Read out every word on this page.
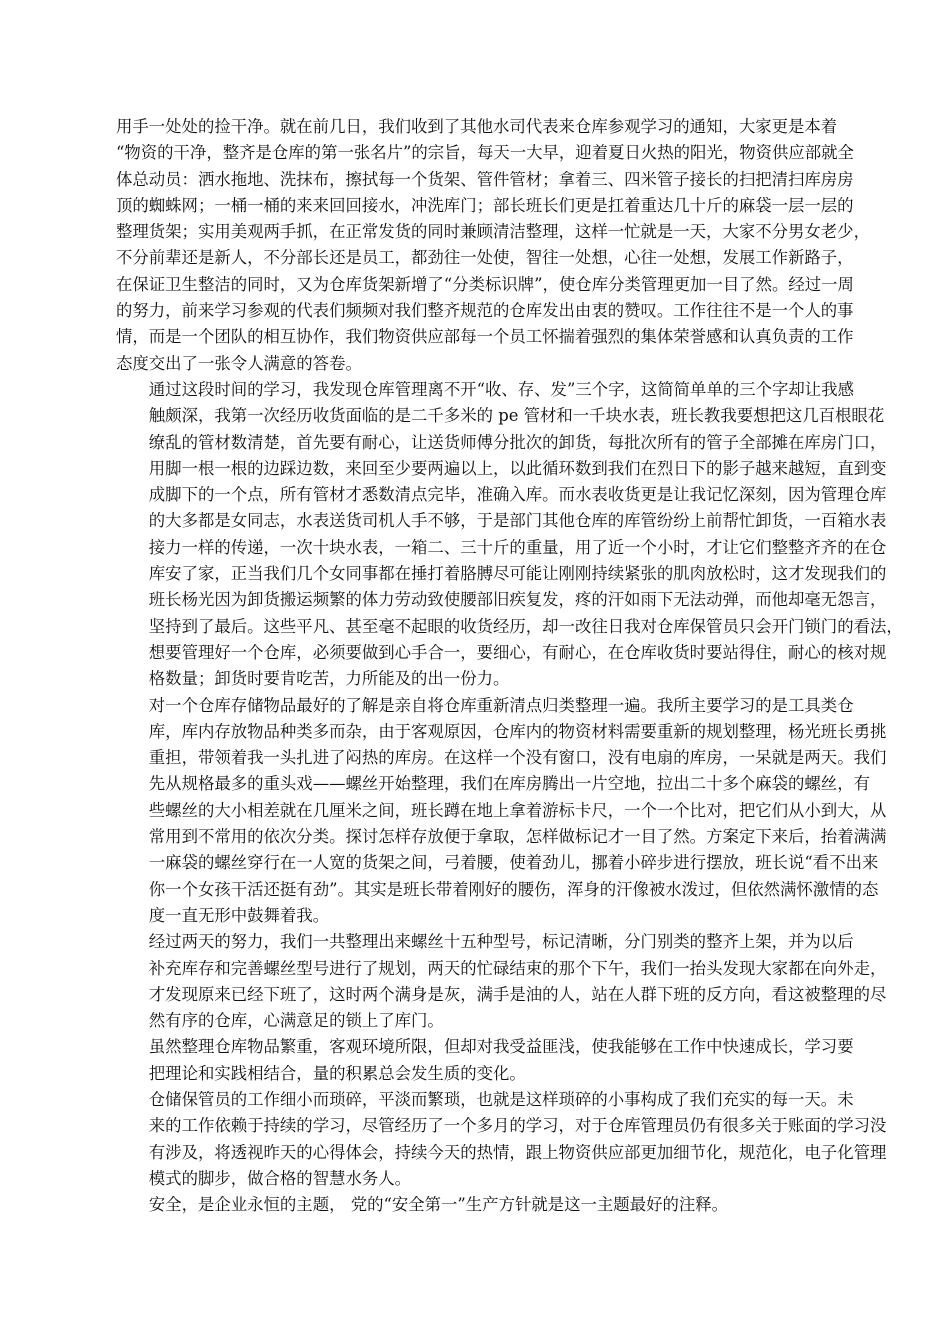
用手一处处的捡干净。就在前几日，我们收到了其他水司代表来仓库参观学习的通知，大家更是本着
“物资的干净，整齐是仓库的第一张名片”的宗旨，每天一大早，迎着夏日火热的阳光，物资供应部就全
体总动员：洒水拖地、洗抹布，擦拭每一个货架、管件管材；拿着三、四米管子接长的扫把清扫库房房
顶的蜘蛛网；一桶一桶的来来回回接水，冲洗库门；部长班长们更是扛着重达几十斤的麻袋一层一层的
整理货架；实用美观两手抓，在正常发货的同时兼顾清洁整理，这样一忙就是一天，大家不分男女老少，
不分前辈还是新人，不分部长还是员工，都劲往一处使，智往一处想，心往一处想，发展工作新路子，
在保证卫生整洁的同时，又为仓库货架新增了“分类标识牌”，使仓库分类管理更加一目了然。经过一周
的努力，前来学习参观的代表们频频对我们整齐规范的仓库发出由衷的赞叹。工作往往不是一个人的事
情，而是一个团队的相互协作，我们物资供应部每一个员工怀揣着强烈的集体荣誉感和认真负责的工作
态度交出了一张令人满意的答卷。

通过这段时间的学习，我发现仓库管理离不开“收、存、发”三个字，这简简单单的三个字却让我感
触颇深，我第一次经历收货面临的是二千多米的 pe 管材和一千块水表，班长教我要想把这几百根眼花
缭乱的管材数清楚，首先要有耐心，让送货师傅分批次的卸货，每批次所有的管子全部摊在库房门口，
用脚一根一根的边踩边数，来回至少要两遍以上，以此循环数到我们在烈日下的影子越来越短，直到变
成脚下的一个点，所有管材才悉数清点完毕，准确入库。而水表收货更是让我记忆深刻，因为管理仓库
的大多都是女同志，水表送货司机人手不够，于是部门其他仓库的库管纷纷上前帮忙卸货，一百箱水表
接力一样的传递，一次十块水表，一箱二、三十斤的重量，用了近一个小时，才让它们整整齐齐的在仓
库安了家，正当我们几个女同事都在捶打着胳膊尽可能让刚刚持续紧张的肌肉放松时，这才发现我们的
班长杨光因为卸货搬运频繁的体力劳动致使腰部旧疾复发，疼的汗如雨下无法动弹，而他却毫无怨言，
坚持到了最后。这些平凡、甚至毫不起眼的收货经历，却一改往日我对仓库保管员只会开门锁门的看法，
想要管理好一个仓库，必须要做到心手合一，要细心，有耐心，在仓库收货时要站得住，耐心的核对规
格数量；卸货时要肯吃苦，力所能及的出一份力。

对一个仓库存储物品最好的了解是亲自将仓库重新清点归类整理一遍。我所主要学习的是工具类仓
库，库内存放物品种类多而杂，由于客观原因，仓库内的物资材料需要重新的规划整理，杨光班长勇挑
重担，带领着我一头扎进了闷热的库房。在这样一个没有窗口，没有电扇的库房，一呆就是两天。我们
先从规格最多的重头戏——螺丝开始整理，我们在库房腾出一片空地，拉出二十多个麻袋的螺丝，有
些螺丝的大小相差就在几厘米之间，班长蹲在地上拿着游标卡尺，一个一个比对，把它们从小到大，从
常用到不常用的依次分类。探讨怎样存放便于拿取，怎样做标记才一目了然。方案定下来后，抬着满满
一麻袋的螺丝穿行在一人宽的货架之间，弓着腰，使着劲儿，挪着小碎步进行摆放，班长说“看不出来
你一个女孩干活还挺有劲”。其实是班长带着刚好的腰伤，浑身的汗像被水泼过，但依然满怀激情的态
度一直无形中鼓舞着我。

经过两天的努力，我们一共整理出来螺丝十五种型号，标记清晰，分门别类的整齐上架，并为以后
补充库存和完善螺丝型号进行了规划，两天的忙碌结束的那个下午，我们一抬头发现大家都在向外走，
才发现原来已经下班了，这时两个满身是灰，满手是油的人，站在人群下班的反方向，看这被整理的尽
然有序的仓库，心满意足的锁上了库门。

虽然整理仓库物品繁重，客观环境所限，但却对我受益匪浅，使我能够在工作中快速成长，学习要
把理论和实践相结合，量的积累总会发生质的变化。

仓储保管员的工作细小而琐碎，平淡而繁琐，也就是这样琐碎的小事构成了我们充实的每一天。未
来的工作依赖于持续的学习，尽管经历了一个多月的学习，对于仓库管理员仍有很多关于账面的学习没
有涉及，将透视昨天的心得体会，持续今天的热情，跟上物资供应部更加细节化，规范化，电子化管理
模式的脚步，做合格的智慧水务人。

安全，是企业永恒的主题， 党的“安全第一”生产方针就是这一主题最好的注释。
